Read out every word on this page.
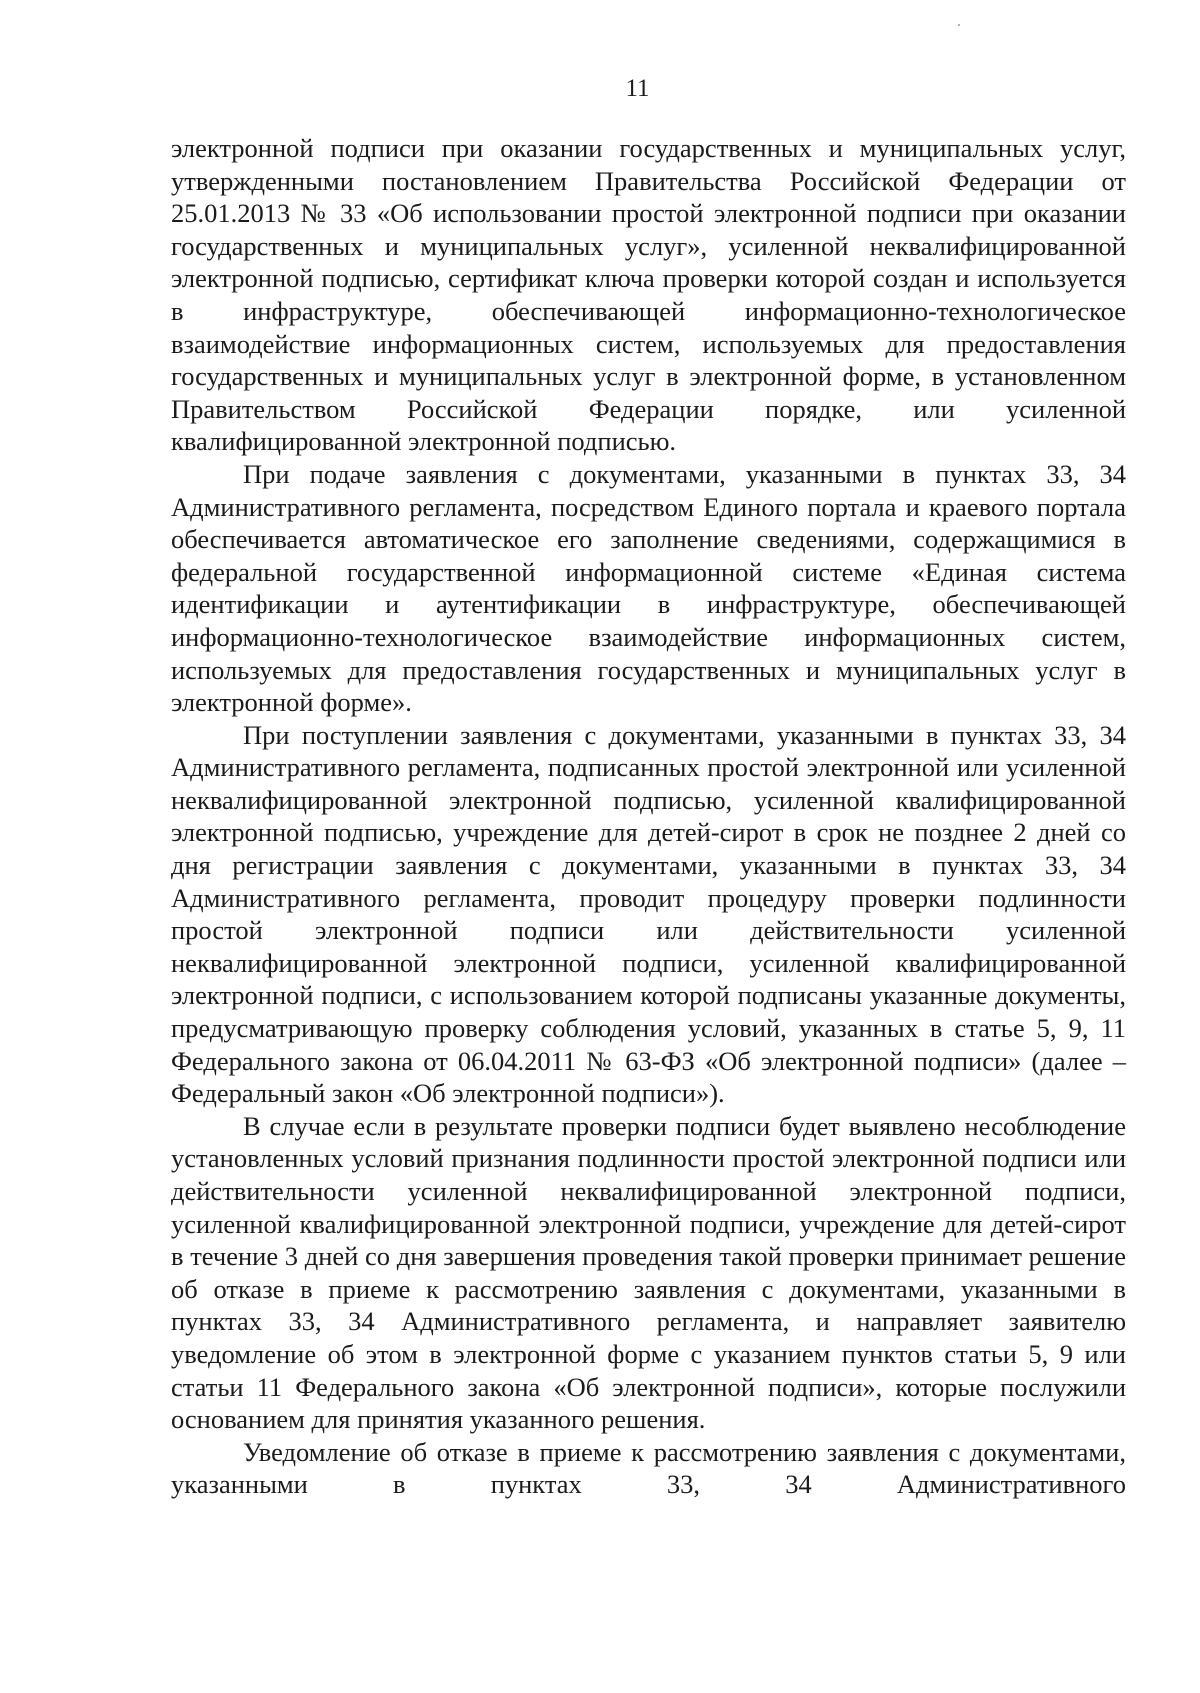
11

электронной подписи при оказании государственных и муниципальных услуг, утвержденными постановлением Правительства Российской Федерации от 25.01.2013 № 33 «Об использовании простой электронной подписи при оказании государственных и муниципальных услуг», усиленной неквалифицированной электронной подписью, сертификат ключа проверки которой создан и используется в инфраструктуре, обеспечивающей информационно-технологическое взаимодействие информационных систем, используемых для предоставления государственных и муниципальных услуг в электронной форме, в установленном Правительством Российской Федерации порядке, или усиленной квалифицированной электронной подписью.

При подаче заявления с документами, указанными в пунктах 33, 34 Административного регламента, посредством Единого портала и краевого портала обеспечивается автоматическое его заполнение сведениями, содержащимися в федеральной государственной информационной системе «Единая система идентификации и аутентификации в инфраструктуре, обеспечивающей информационно-технологическое взаимодействие информационных систем, используемых для предоставления государственных и муниципальных услуг в электронной форме».

При поступлении заявления с документами, указанными в пунктах 33, 34 Административного регламента, подписанных простой электронной или усиленной неквалифицированной электронной подписью, усиленной квалифицированной электронной подписью, учреждение для детей-сирот в срок не позднее 2 дней со дня регистрации заявления с документами, указанными в пунктах 33, 34 Административного регламента, проводит процедуру проверки подлинности простой электронной подписи или действительности усиленной неквалифицированной электронной подписи, усиленной квалифицированной электронной подписи, с использованием которой подписаны указанные документы, предусматривающую проверку соблюдения условий, указанных в статье 5, 9, 11 Федерального закона от 06.04.2011 № 63-ФЗ «Об электронной подписи» (далее – Федеральный закон «Об электронной подписи»).

В случае если в результате проверки подписи будет выявлено несоблюдение установленных условий признания подлинности простой электронной подписи или действительности усиленной неквалифицированной электронной подписи, усиленной квалифицированной электронной подписи, учреждение для детей-сирот в течение 3 дней со дня завершения проведения такой проверки принимает решение об отказе в приеме к рассмотрению заявления с документами, указанными в пунктах 33, 34 Административного регламента, и направляет заявителю уведомление об этом в электронной форме с указанием пунктов статьи 5, 9 или статьи 11 Федерального закона «Об электронной подписи», которые послужили основанием для принятия указанного решения.

Уведомление об отказе в приеме к рассмотрению заявления с документами, указанными в пунктах 33, 34 Административного
